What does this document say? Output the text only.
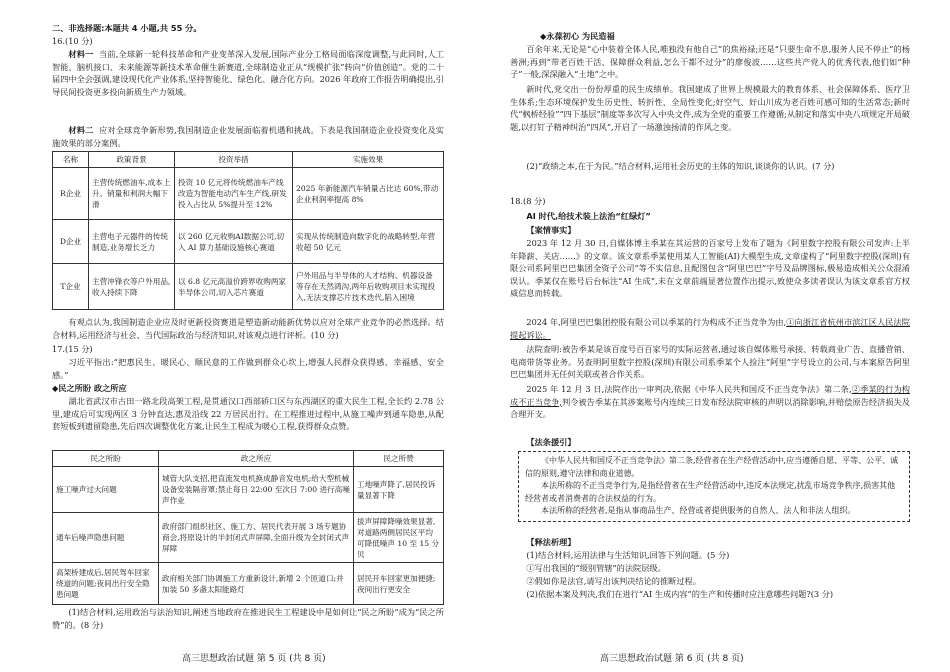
二、非选择题:本题共 4 小题,共 55 分。
16.(10 分)
材料一 当前,全球新一轮科技革命和产业变革深入发展,国际产业分工格局面临深度调整,与此同时,人工智能、脑机接口、未来能源等新技术革命催生新赛道,全球制造业正从“规模扩张”转向“价值创造”。党的二十届四中全会强调,建设现代化产业体系,坚持智能化、绿色化、融合化方向。2026 年政府工作报告明确提出,引导民间投资更多投向新质生产力领域。
材料二 应对全球竞争新形势,我国制造企业发展面临着机遇和挑战。下表是我国制造企业投资变化及实施效果的部分案例。
名称	政策背景	投资举措	实施效果
R企业	主营传统燃油车,成本上升、销量和利润大幅下滑	投资 10 亿元将传统燃油车产线改造为智能电动汽车生产线,研发投入占比从 5%提升至 12%	2025 年新能源汽车销量占比达 60%,带动企业利润率提高 8%
D企业	主营电子元器件的传统制造,业务增长乏力	以 260 亿元收购AI数据公司,切入 AI 算力基础设施核心赛道	实现从传统制造向数字化的战略转型,年营收超 50 亿元
T企业	主营冲锋衣等户外用品,收入持续下降	以 6.8 亿元高溢价跨界收购两家半导体公司,切入芯片赛道	户外用品与半导体的人才结构、机器设备等存在天然鸿沟,两年后收购项目未实现投入,无法支撑芯片技术迭代,陷入困境
有观点认为,我国制造企业应及时更新投资赛道是塑造新动能新优势以应对全球产业竞争的必然选择。结合材料,运用经济与社会、当代国际政治与经济知识,对该观点进行评析。(10 分)
17.(15 分)
习近平指出:“把惠民生、暖民心、顺民意的工作做到群众心坎上,增强人民群众获得感、幸福感、安全感。”
◆民之所盼 政之所应
湖北省武汉市古田一路北段高架工程,是贯通汉口西部硚口区与东西湖区的重大民生工程,全长约 2.78 公里,建成后可实现两区 3 分钟直达,惠及沿线 22 万居民出行。在工程推进过程中,从施工噪声到通车隐患,从配套短板到遗留隐患,先后四次调整优化方案,让民生工程成为暖心工程,获得群众点赞。
民之所盼	政之所应	民之所赞
施工噪声过大问题	城管大队支招,把直流发电机换成静音发电机;给大型机械设备安装隔音罩;禁止每日 22:00 至次日 7:00 进行高噪声作业	工地噪声降了,居民投诉量显著下降
通车后噪声隐患问题	政府部门组织社区、施工方、居民代表开展 3 场专题协商会,将原设计的半封闭式声屏障,全面升级为全封闭式声屏障	拔声屏障降噪效果显著,对道路两侧居民区平均可降低噪声 10 至 15 分贝
高架桥建成后,居民驾车回家绕道的问题;夜间出行安全隐患问题	政府相关部门协调施工方重新设计,新增 2 个匝道口;并加装 50 多盏太阳能路灯	居民开车回家更加便捷;夜间出行更安全
(1)结合材料,运用政治与法治知识,阐述当地政府在推进民生工程建设中是如何让“民之所盼”成为“民之所赞”的。(8 分)
高三思想政治试题 第 5 页 (共 8 页)
◆永葆初心 为民造福
百余年来,无论是“心中装着全体人民,唯独没有他自己”的焦裕禄;还是“只要生命不息,服务人民不停止”的杨善洲;再到“带老百姓干活、保障群众利益,怎么干都不过分”的廖俊波……这些共产党人的优秀代表,他们如“种子”一般,深深融入“土地”之中。
新时代,党交出一份份厚重的民生成绩单。我国建成了世界上规模最大的教育体系、社会保障体系、医疗卫生体系;生态环境保护发生历史性、转折性、全局性变化;好空气、好山川成为老百姓可感可知的生活常态;新时代“枫桥经验”“四下基层”制度等多次写入中央文件,成为全党的重要工作遵循;从制定和落实中央八项规定开局破题,以打钉子精神纠治“四风”,开启了一场激浊扬清的作风之变。
(2)“政绩之本,在于为民。”结合材料,运用社会历史的主体的知识,谈谈你的认识。(7 分)
18.(8 分)
AI 时代,给技术装上法治“红绿灯”
【案情事实】
2023 年 12 月 30 日,自媒体博主季某在其运营的百家号上发布了题为《阿里数字控股有限公司发声:上半年降薪、关店……》的文章。该文章系季某使用某人工智能(AI)大模型生成,文章虚构了“阿里数字控股(深圳)有限公司系阿里巴巴集团全资子公司”等不实信息,且配图包含“阿里巴巴”字号及品牌图标,极易造成相关公众混淆误认。季某仅在账号后台标注“AI 生成”,未在文章前端显著位置作出提示,致使众多读者误认为该文章系官方权威信息而转载。
2024 年,阿里巴巴集团控股有限公司以季某的行为构成不正当竞争为由,①向浙江省杭州市滨江区人民法院提起诉讼。
法院查明:被告季某是该百度号百百家号的实际运营者,通过该自媒体账号承接、转载商业广告、直播营销、电商带货等业务。另查明阿里数字控股(深圳)有限公司系季某个人捡注“阿里”字号设立的公司,与本案原告阿里巴巴集团并无任何关联或者合作关系。
2025 年 12 月 3 日,法院作出一审判决,依据《中华人民共和国反不正当竞争法》第二条,②季某的行为构成不正当竞争,判令被告季某在其涉案账号内连续三日发布经法院审核的声明以消除影响,并赔偿原告经济损失及合理开支。
【法条援引】
《中华人民共和国反不正当竞争法》第二条,经营者在生产经营活动中,应当遵循自愿、平等、公平、诚信的原则,遵守法律和商业道德。
本法所称的不正当竞争行为,是指经营者在生产经营活动中,违反本法规定,扰乱市场竞争秩序,损害其他经营者或者消费者的合法权益的行为。
本法所称的经营者,是指从事商品生产、经营或者提供服务的自然人、法人和非法人组织。
【释法析理】
(1)结合材料,运用法律与生活知识,回答下列问题。(5 分)
①写出我国的“级别管辖”的法院层级。
②假如你是法官,请写出该判决结论的推断过程。
(2)依据本案及判决,我们在进行“AI 生成内容”的生产和传播时应注意哪些问题?(3 分)
高三思想政治试题 第 6 页 (共 8 页)
